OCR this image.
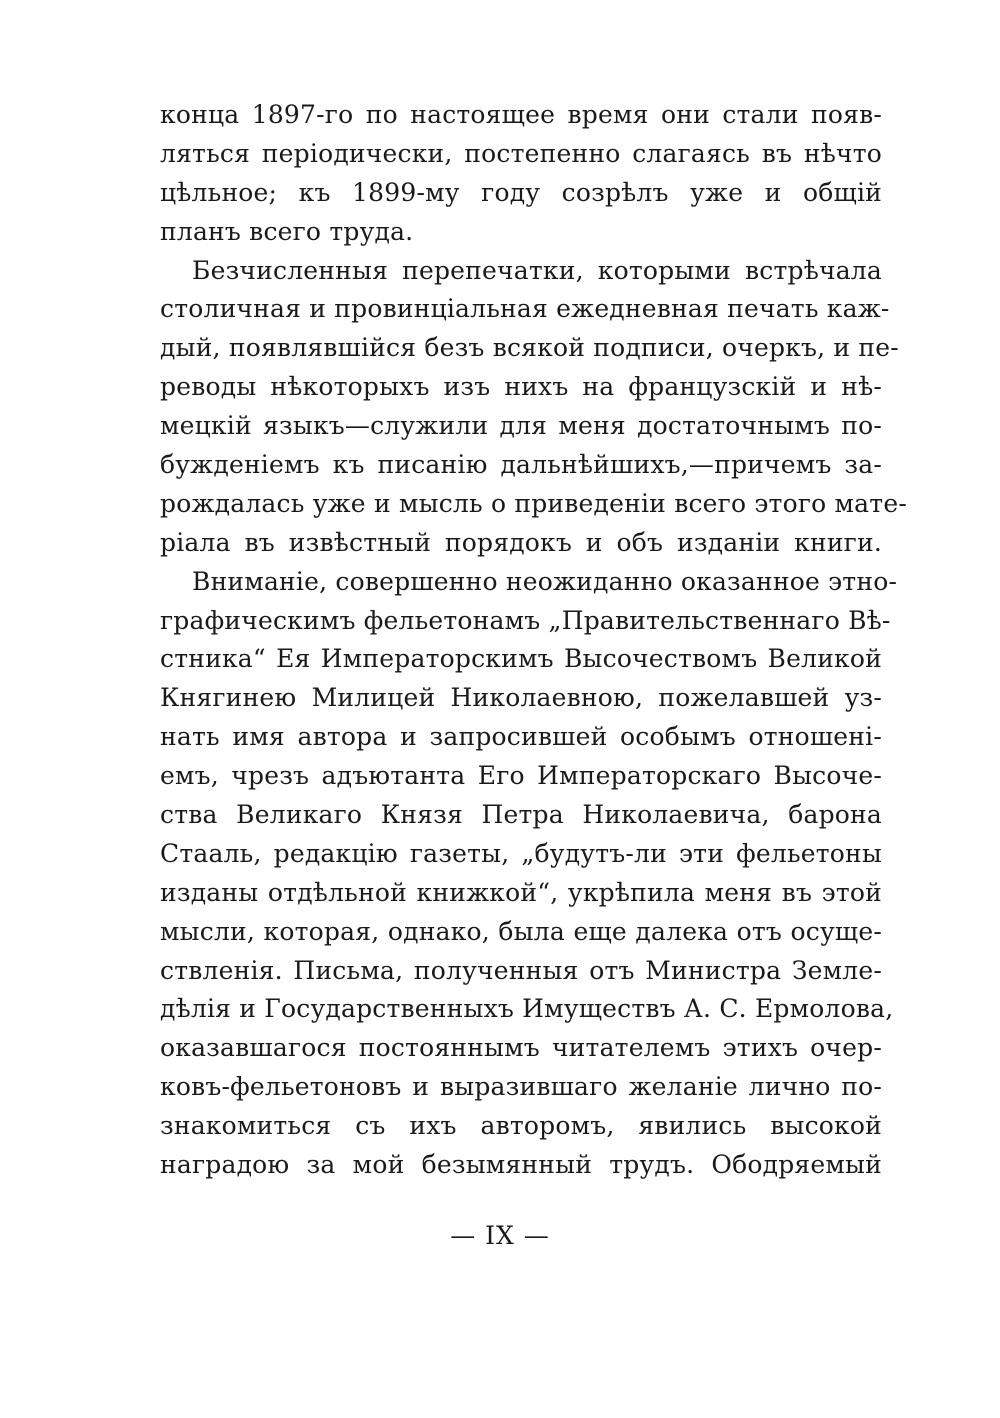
конца 1897-го по настоящее время они стали появ-
ляться періодически, постепенно слагаясь въ нѣчто
цѣльное; къ 1899-му году созрѣлъ уже и общій
планъ всего труда.
Безчисленныя перепечатки, которыми встрѣчала
столичная и провинціальная ежедневная печать каж-
дый, появлявшійся безъ всякой подписи, очеркъ, и пе-
реводы нѣкоторыхъ изъ нихъ на французскій и нѣ-
мецкій языкъ—служили для меня достаточнымъ по-
бужденіемъ къ писанію дальнѣйшихъ,—причемъ за-
рождалась уже и мысль о приведеніи всего этого мате-
ріала въ извѣстный порядокъ и объ изданіи книги.
Вниманіе, совершенно неожиданно оказанное этно-
графическимъ фельетонамъ „Правительственнаго Вѣ-
стника“ Ея Императорскимъ Высочествомъ Великой
Княгинею Милицей Николаевною, пожелавшей уз-
нать имя автора и запросившей особымъ отношені-
емъ, чрезъ адъютанта Его Императорскаго Высоче-
ства Великаго Князя Петра Николаевича, барона
Стааль, редакцію газеты, „будутъ-ли эти фельетоны
изданы отдѣльной книжкой“, укрѣпила меня въ этой
мысли, которая, однако, была еще далека отъ осуще-
ствленія. Письма, полученныя отъ Министра Земле-
дѣлія и Государственныхъ Имуществъ А. С. Ермолова,
оказавшагося постояннымъ читателемъ этихъ очер-
ковъ-фельетоновъ и выразившаго желаніе лично по-
знакомиться съ ихъ авторомъ, явились высокой
наградою за мой безымянный трудъ. Ободряемый
— IX —
